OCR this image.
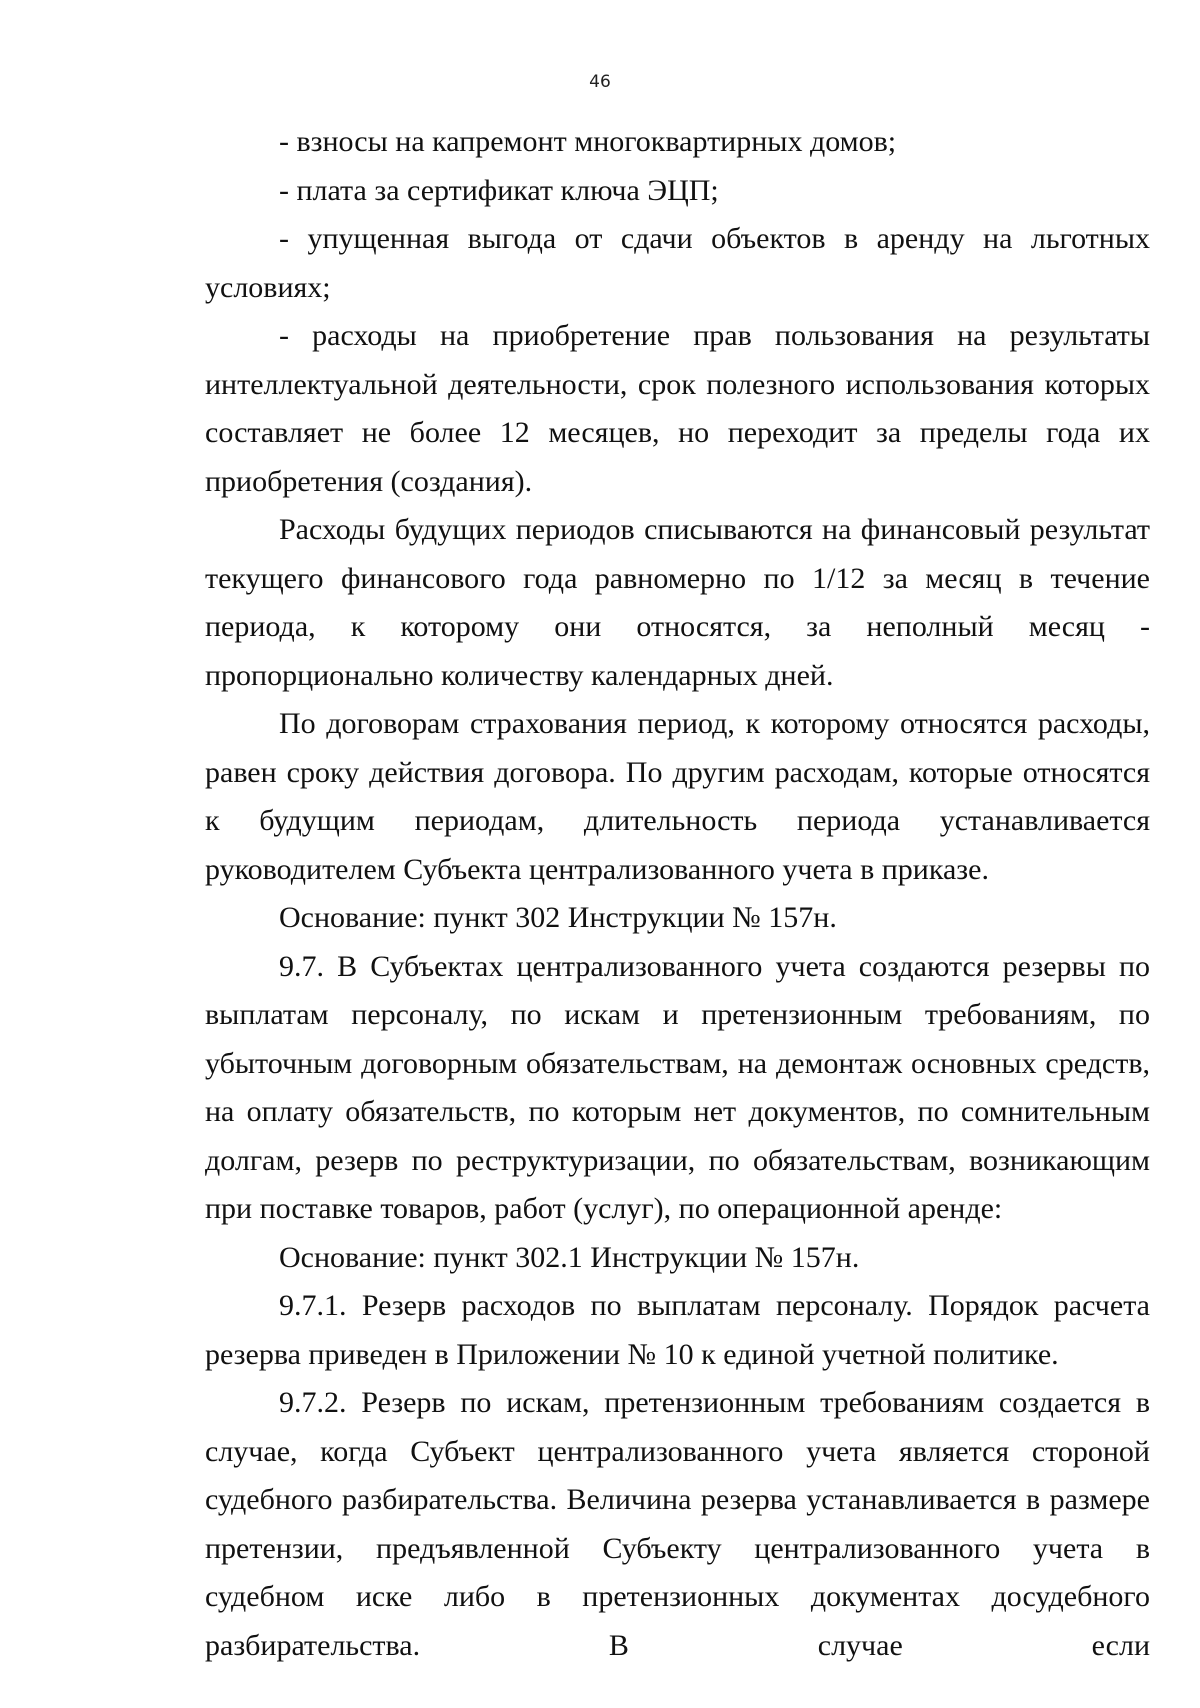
46

- взносы на капремонт многоквартирных домов;

- плата за сертификат ключа ЭЦП;

- упущенная выгода от сдачи объектов в аренду на льготных условиях;

- расходы на приобретение прав пользования на результаты интеллектуальной деятельности, срок полезного использования которых составляет не более 12 месяцев, но переходит за пределы года их приобретения (создания).

Расходы будущих периодов списываются на финансовый результат текущего финансового года равномерно по 1/12 за месяц в течение периода, к которому они относятся, за неполный месяц - пропорционально количеству календарных дней.

По договорам страхования период, к которому относятся расходы, равен сроку действия договора. По другим расходам, которые относятся к будущим периодам, длительность периода устанавливается руководителем Субъекта централизованного учета в приказе.

Основание: пункт 302 Инструкции № 157н.

9.7. В Субъектах централизованного учета создаются резервы по выплатам персоналу, по искам и претензионным требованиям, по убыточным договорным обязательствам, на демонтаж основных средств, на оплату обязательств, по которым нет документов, по сомнительным долгам, резерв по реструктуризации, по обязательствам, возникающим при поставке товаров, работ (услуг), по операционной аренде:

Основание: пункт 302.1 Инструкции № 157н.

9.7.1. Резерв расходов по выплатам персоналу. Порядок расчета резерва приведен в Приложении № 10 к единой учетной политике.

9.7.2. Резерв по искам, претензионным требованиям создается в случае, когда Субъект централизованного учета является стороной судебного разбирательства. Величина резерва устанавливается в размере претензии, предъявленной Субъекту централизованного учета в судебном иске либо в претензионных документах досудебного разбирательства. В случае если
